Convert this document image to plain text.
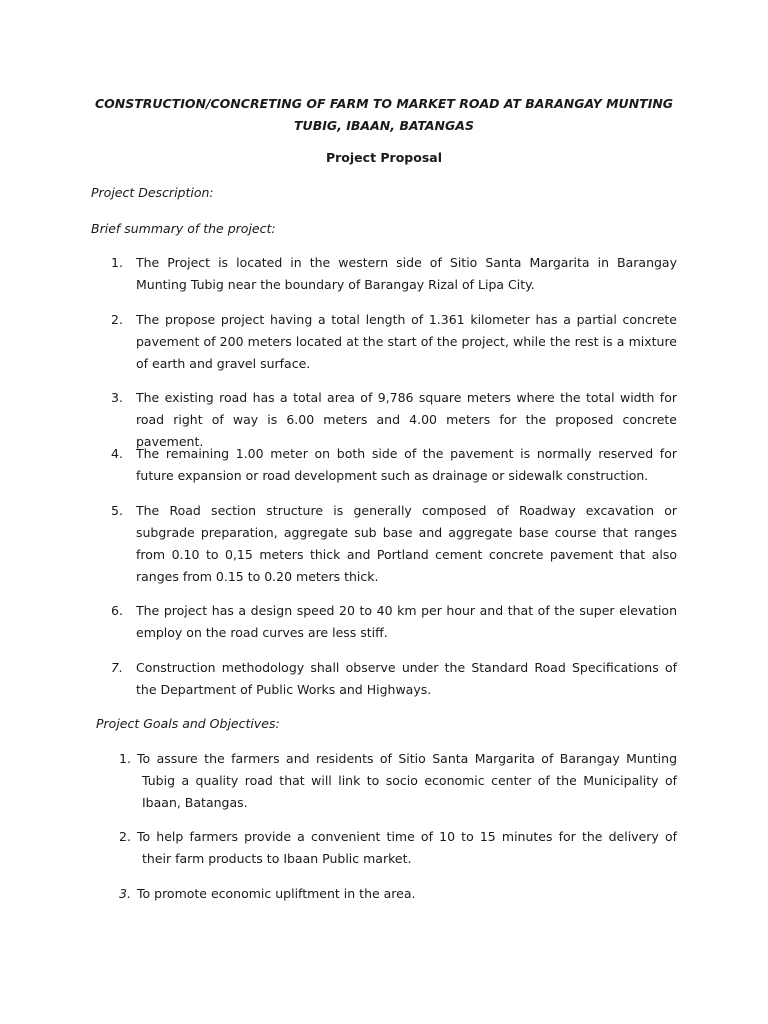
CONSTRUCTION/CONCRETING OF FARM TO MARKET ROAD AT BARANGAY MUNTING TUBIG, IBAAN, BATANGAS
Project Proposal
Project Description:
Brief summary of the project:
1. The Project is located in the western side of Sitio Santa Margarita in Barangay Munting Tubig near the boundary of Barangay Rizal of Lipa City.
2. The propose project having a total length of 1.361 kilometer has a partial concrete pavement of 200 meters located at the start of the project, while the rest is a mixture of earth and gravel surface.
3. The existing road has a total area of 9,786 square meters where the total width for road right of way is 6.00 meters and 4.00 meters for the proposed concrete pavement.
4. The remaining 1.00 meter on both side of the pavement is normally reserved for future expansion or road development such as drainage or sidewalk construction.
5. The Road section structure is generally composed of Roadway excavation or subgrade preparation, aggregate sub base and aggregate base course that ranges from 0.10 to 0,15 meters thick and Portland cement concrete pavement that also ranges from 0.15 to 0.20 meters thick.
6. The project has a design speed 20 to 40 km per hour and that of the super elevation employ on the road curves are less stiff.
7. Construction methodology shall observe under the Standard Road Specifications of the Department of Public Works and Highways.
Project Goals and Objectives:
1. To assure the farmers and residents of Sitio Santa Margarita of Barangay Munting Tubig a quality road that will link to socio economic center of the Municipality of Ibaan, Batangas.
2. To help farmers provide a convenient time of 10 to 15 minutes for the delivery of their farm products to Ibaan Public market.
3. To promote economic upliftment in the area.
